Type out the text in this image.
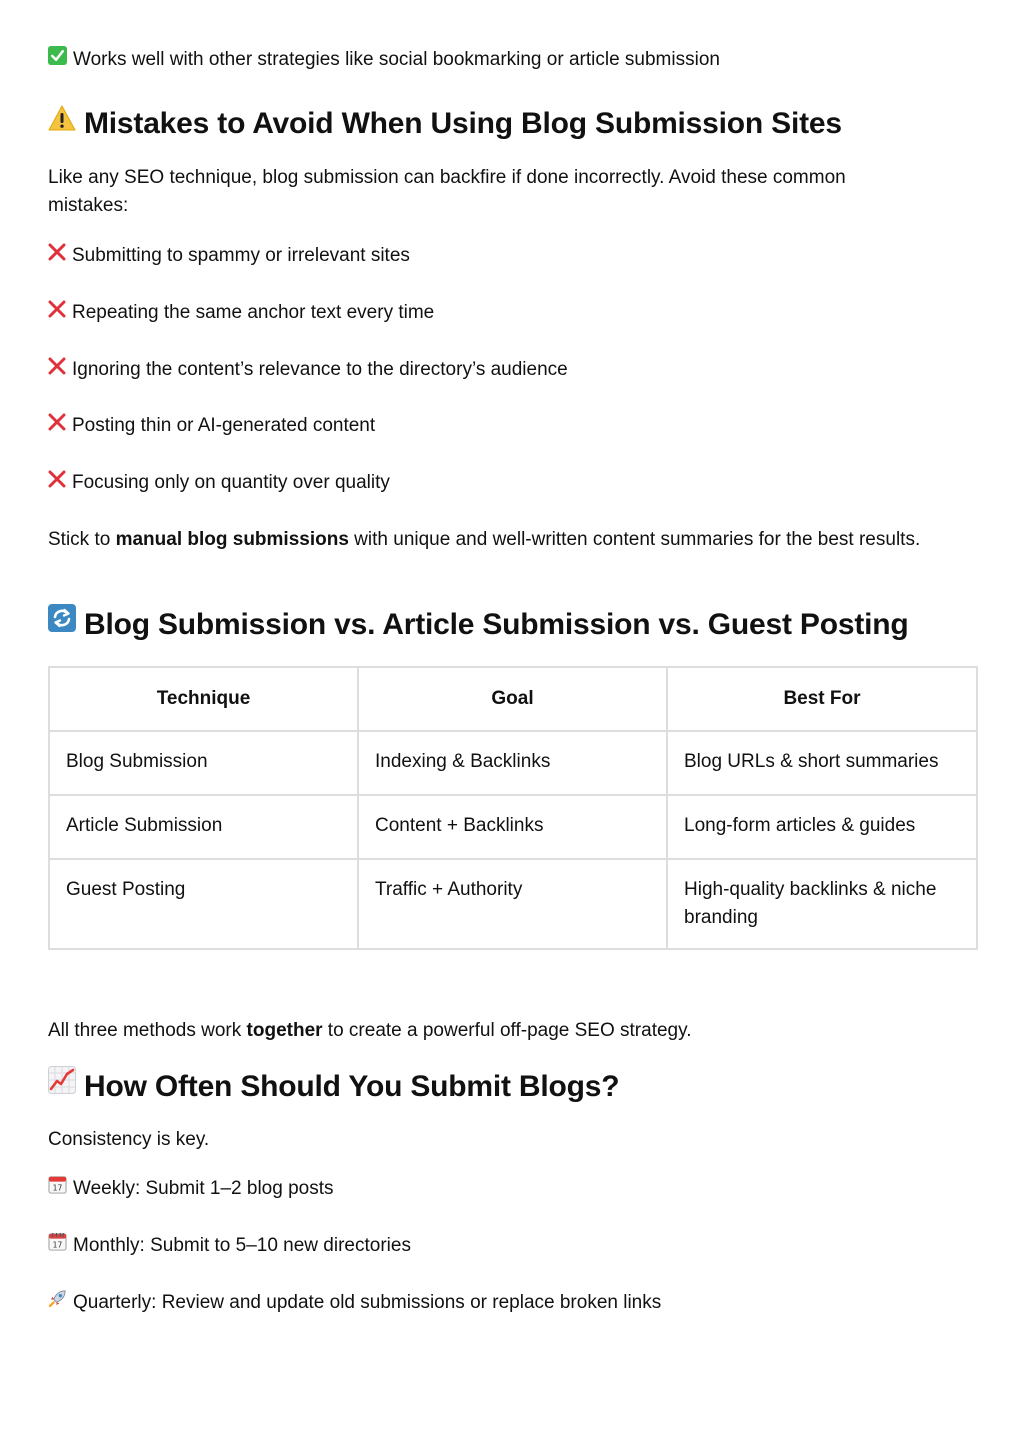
Works well with other strategies like social bookmarking or article submission
Mistakes to Avoid When Using Blog Submission Sites
Like any SEO technique, blog submission can backfire if done incorrectly. Avoid these common mistakes:
Submitting to spammy or irrelevant sites
Repeating the same anchor text every time
Ignoring the content’s relevance to the directory’s audience
Posting thin or AI-generated content
Focusing only on quantity over quality
Stick to manual blog submissions with unique and well-written content summaries for the best results.
Blog Submission vs. Article Submission vs. Guest Posting
Technique	Goal	Best For
Blog Submission	Indexing & Backlinks	Blog URLs & short summaries
Article Submission	Content + Backlinks	Long-form articles & guides
Guest Posting	Traffic + Authority	High-quality backlinks & niche branding
All three methods work together to create a powerful off-page SEO strategy.
How Often Should You Submit Blogs?
Consistency is key.
17 Weekly: Submit 1–2 blog posts
17 Monthly: Submit to 5–10 new directories
Quarterly: Review and update old submissions or replace broken links
